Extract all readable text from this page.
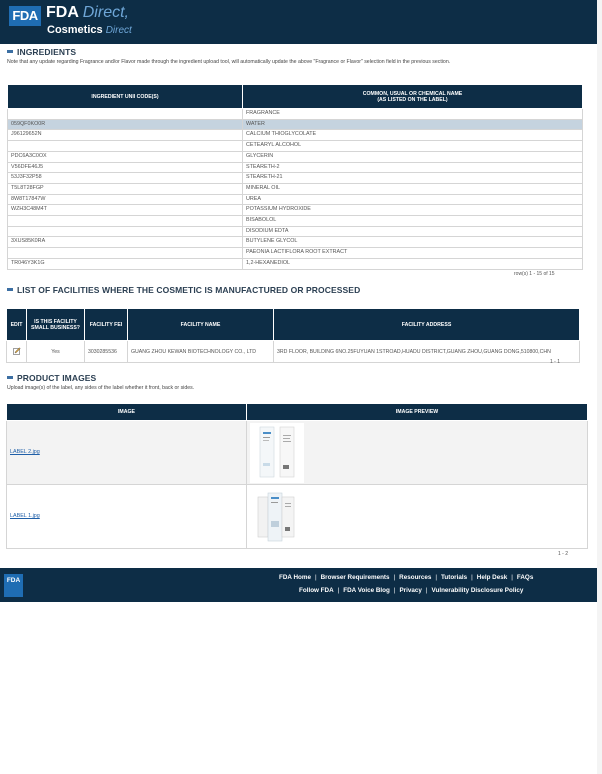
FDA FDA Direct,
Cosmetics Direct
INGREDIENTS
Note that any update regarding Fragrance and/or Flavor made through the ingredient upload tool, will automatically update the above "Fragrance or Flavor" selection field in the previous section.
INGREDIENT UNII CODE(S)	COMMON, USUAL OR CHEMICAL NAME
(AS LISTED ON THE LABEL)

	FRAGRANCE
059QF0KO0R	WATER
J96129652N	CALCIUM THIOGLYCOLATE
	CETEARYL ALCOHOL
PDC6A3C0OX	GLYCERIN
V56DFE46J5	STEARETH-2
53J3F32P58	STEARETH-21
T5L8T28FGP	MINERAL OIL
8W8T17847W	UREA
WZH3C48M4T	POTASSIUM HYDROXIDE
	BISABOLOL
	DISODIUM EDTA
3XUS85K0RA	BUTYLENE GLYCOL
	PAEONIA LACTIFLORA ROOT EXTRACT
TR046Y3K1G	1,2-HEXANEDIOL
row(s) 1 - 15 of 15
LIST OF FACILITIES WHERE THE COSMETIC IS MANUFACTURED OR PROCESSED
EDIT	IS THIS FACILITY SMALL BUSINESS?	FACILITY FEI	FACILITY NAME	FACILITY ADDRESS
	Yes	3030285536	GUANG ZHOU KEWAN BIOTECHNOLOGY CO., LTD	3RD FLOOR, BUILDING 6NO.25FUYUAN 1STROAD,HUADU DISTRICT,GUANG ZHOU,GUANG DONG,510800,CHN
1 - 1
PRODUCT IMAGES
Upload image(s) of the label, any sides of the label whether it front, back or sides.
IMAGE	IMAGE PREVIEW
LABEL 2.jpg	

LABEL 1.jpg	
1 - 2
FDA	FDA Home | Browser Requirements | Resources | Tutorials | Help Desk | FAQs
Follow FDA | FDA Voice Blog | Privacy | Vulnerability Disclosure Policy
